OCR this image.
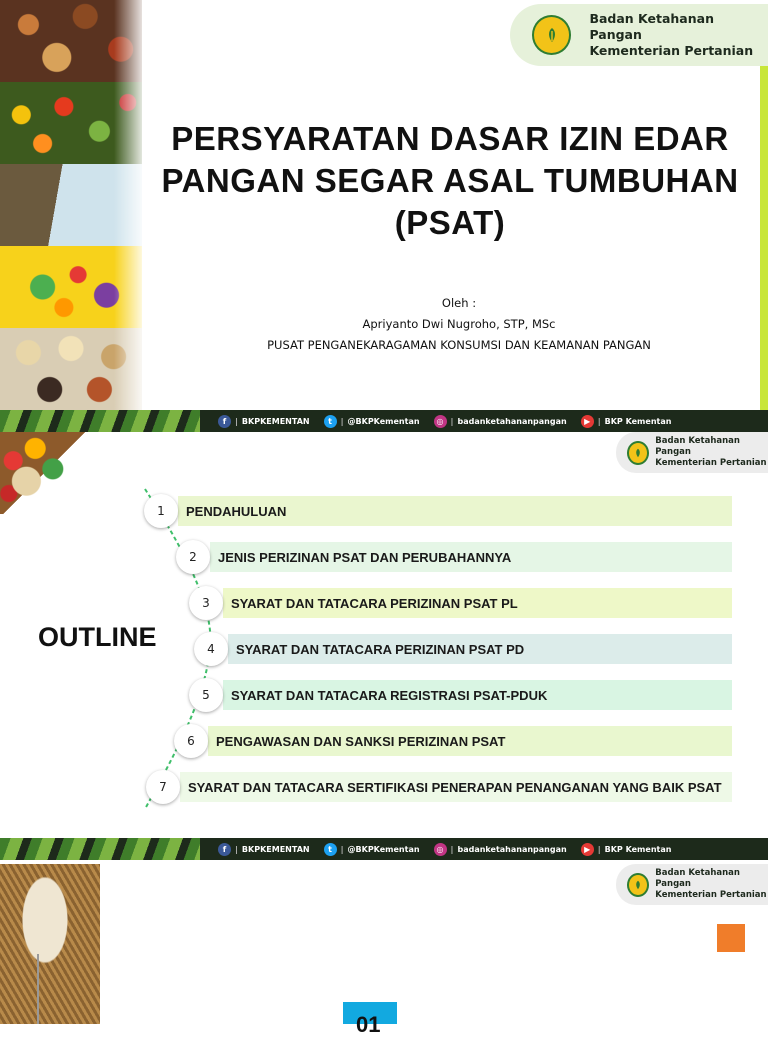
Badan Ketahanan Pangan
Kementerian Pertanian
PERSYARATAN DASAR IZIN EDAR
PANGAN SEGAR ASAL TUMBUHAN
(PSAT)
Oleh :
Apriyanto Dwi Nugroho, STP, MSc
PUSAT PENGANEKARAGAMAN KONSUMSI DAN KEAMANAN PANGAN
f	| BKPKEMENTAN	t	| @BKPKementan	◎ | badanketahananpangan	▶ | BKP Kementan
Badan Ketahanan Pangan
Kementerian Pertanian
OUTLINE
1	PENDAHULUAN
2	JENIS PERIZINAN PSAT DAN PERUBAHANNYA
3	SYARAT DAN TATACARA PERIZINAN PSAT PL
4	SYARAT DAN TATACARA PERIZINAN PSAT PD
5	SYARAT DAN TATACARA REGISTRASI PSAT-PDUK
6	PENGAWASAN DAN SANKSI PERIZINAN PSAT
7	SYARAT DAN TATACARA SERTIFIKASI PENERAPAN PENANGANAN YANG BAIK PSAT
f	| BKPKEMENTAN	t	| @BKPKementan	◎ | badanketahananpangan	▶ | BKP Kementan
Badan Ketahanan Pangan
Kementerian Pertanian
01
